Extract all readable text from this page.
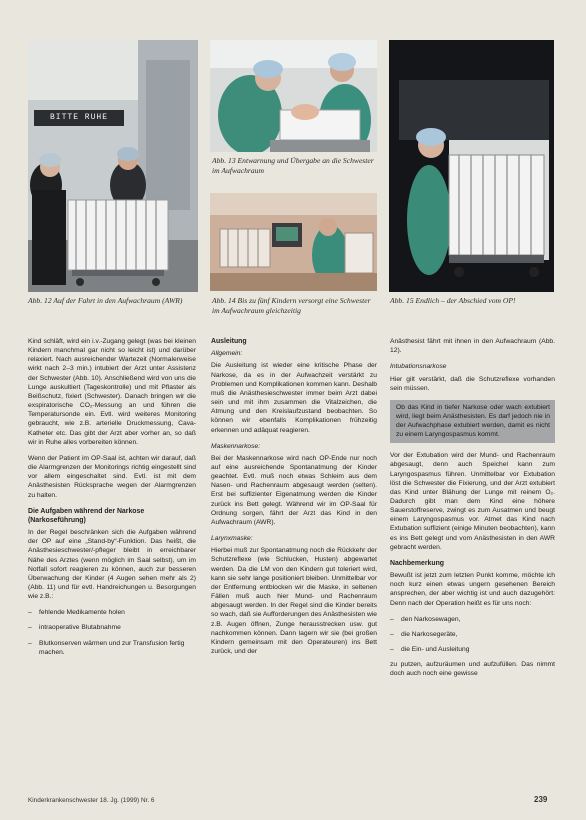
BITTE RUHE

Abb. 12 Auf der Fahrt in den Aufwachraum (AWR)

Abb. 13 Entwarnung und Übergabe an die Schwester im Aufwachraum

Abb. 14 Bis zu fünf Kindern versorgt eine Schwester im Aufwachraum gleichzeitig

Abb. 15 Endlich – der Abschied vom OP!

Kind schläft, wird ein i.v.-Zugang gelegt (was bei kleinen Kindern manchmal gar nicht so leicht ist) und darüber relaxiert. Nach ausreichender Wartezeit (Normalerweise wirkt nach 2–3 min.) intubiert der Arzt unter Assistenz der Schwester (Abb. 10). Anschließend wird von uns die Lunge auskultiert (Tageskontrolle) und mit Pflaster als Beißschutz, fixiert (Schwester). Danach bringen wir die exspiratorische CO₂-Messung an und führen die Temperatursonde ein. Evtl. wird weiteres Monitoring gebraucht, wie z.B. arterielle Druckmessung, Cava-Katheter etc. Das gibt der Arzt aber vorher an, so daß wir in Ruhe alles vorbereiten können.

Wenn der Patient im OP-Saal ist, achten wir darauf, daß die Alarmgrenzen der Monitorings richtig eingestellt sind vor allem eingeschaltet sind. Evtl. ist mit dem Anästhesisten Rücksprache wegen der Alarmgrenzen zu halten.

Die Aufgaben während der Narkose (Narkoseführung)

In der Regel beschränken sich die Aufgaben während der OP auf eine „Stand-by“-Funktion. Das heißt, die Anästhesieschwester/-pfleger bleibt in erreichbarer Nähe des Arztes (wenn möglich im Saal selbst), um im Notfall sofort reagieren zu können, auch zur besseren Überwachung der Kinder (4 Augen sehen mehr als 2) (Abb. 11) und für evtl. Handreichungen u. Besorgungen wie z.B.:

– fehlende Medikamente holen
– intraoperative Blutabnahme
– Blutkonserven wärmen und zur Transfusion fertig machen.
Ausleitung
Allgemein:

Die Ausleitung ist wieder eine kritische Phase der Narkose, da es in der Aufwachzeit verstärkt zu Problemen und Komplikationen kommen kann. Deshalb muß die Anästhesieschwester immer beim Arzt dabei sein und mit ihm zusammen die Vitalzeichen, die Atmung und den Kreislaufzustand beobachten. So können wir ebenfalls Komplikationen frühzeitig erkennen und adäquat reagieren.

Maskennarkose:

Bei der Maskennarkose wird nach OP-Ende nur noch auf eine ausreichende Spontanatmung der Kinder geachtet. Evtl. muß noch etwas Schleim aus dem Nasen- und Rachenraum abgesaugt werden (selten). Erst bei suffizienter Eigenatmung werden die Kinder zurück ins Bett gelegt. Während wir im OP-Saal für Ordnung sorgen, fährt der Arzt das Kind in den Aufwachraum (AWR).

Larynxmaske:

Hierbei muß zur Spontanatmung noch die Rückkehr der Schutzreflexe (wie Schlucken, Husten) abgewartet werden. Da die LM von den Kindern gut toleriert wird, kann sie sehr lange positioniert bleiben. Unmittelbar vor der Entfernung entblocken wir die Maske, in seltenen Fällen muß auch hier Mund- und Rachenraum abgesaugt werden. In der Regel sind die Kinder bereits so wach, daß sie Aufforderungen des Anästhesisten wie z.B. Augen öffnen, Zunge herausstrecken usw. gut nachkommen können. Dann lagern wir sie (bei großen Kindern gemeinsam mit den Operateuren) ins Bett zurück, und der

Anästhesist fährt mit ihnen in den Aufwachraum (Abb. 12).

Intubationsnarkose

Hier gilt verstärkt, daß die Schutzreflexe vorhanden sein müssen.

Ob das Kind in tiefer Narkose oder wach extubiert wird, liegt beim Anästhesisten. Es darf jedoch nie in der Aufwachphase extubiert werden, damit es nicht zu einem Laryngospasmus kommt.

Vor der Extubation wird der Mund- und Rachenraum abgesaugt, denn auch Speichel kann zum Laryngospasmus führen. Unmittelbar vor Extubation löst die Schwester die Fixierung, und der Arzt extubiert das Kind unter Blähung der Lunge mit reinem O₂. Dadurch gibt man dem Kind eine höhere Sauerstoffreserve, zwingt es zum Ausatmen und beugt einem Laryngospasmus vor. Atmet das Kind nach Extubation suffizient (einige Minuten beobachten), kann es ins Bett gelegt und vom Anästhesisten in den AWR gebracht werden.

Nachbemerkung

Bewußt ist jetzt zum letzten Punkt komme, möchte ich noch kurz einen etwas ungern gesehenen Bereich ansprechen, der aber wichtig ist und auch dazugehört: Denn nach der Operation heißt es für uns noch:

– den Narkosewagen,
– die Narkosegeräte,
– die Ein- und Ausleitung

zu putzen, aufzuräumen und aufzufüllen. Das nimmt doch auch noch eine gewisse

Kinderkrankenschwester 18. Jg. (1999) Nr. 6	239
